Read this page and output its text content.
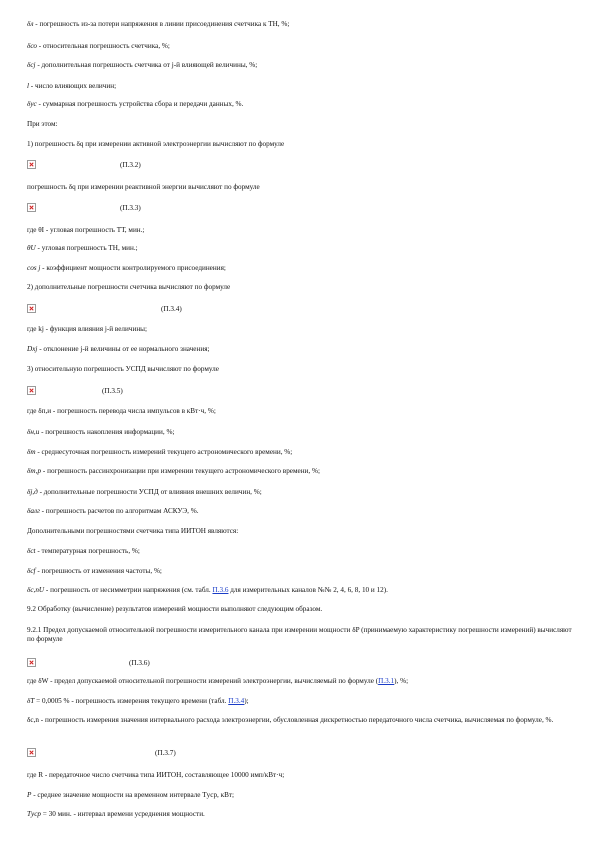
δл - погрешность из-за потери напряжения в линии присоединения счетчика к ТН, %;
δсо - относительная погрешность счетчика, %;
δсj - дополнительная погрешность счетчика от j-й влияющей величины, %;
l - число влияющих величин;
δус - суммарная погрешность устройства сбора и передачи данных, %.
При этом:
1) погрешность δq при измерении активной электроэнергии вычисляют по формуле
(П.3.2)
погрешность δq при измерении реактивной энергии вычисляют по формуле
(П.3.3)
где θI - угловая погрешность ТТ, мин.;
θU - угловая погрешность ТН, мин.;
cos j - коэффициент мощности контролируемого присоединения;
2) дополнительные погрешности счетчика вычисляют по формуле
(П.3.4)
где kj - функция влияния j-й величины;
Dxj - отклонение j-й величины от ее нормального значения;
3) относительную погрешность УСПД вычисляют по формуле
(П.3.5)
где δп,и - погрешность перевода числа импульсов в кВт·ч, %;
δн,и - погрешность накопления информации, %;
δт - среднесуточная погрешность измерений текущего астрономического времени, %;
δт,р - погрешность рассинхронизации при измерении текущего астрономического времени, %;
δj,д - дополнительные погрешности УСПД от влияния внешних величин, %;
δалг - погрешность расчетов по алгоритмам АСКУЭ, %.
Дополнительными погрешностями счетчика типа ИИТОН являются:
δct - температурная погрешность, %;
δcf - погрешность от изменения частоты, %;
δc,nU - погрешность от несимметрии напряжения (см. табл. П.3.6 для измерительных каналов №№ 2, 4, 6, 8, 10 и 12).
9.2 Обработку (вычисление) результатов измерений мощности выполняют следующим образом.
9.2.1 Предел допускаемой относительной погрешности измерительного канала при измерении мощности δP (принимаемую характеристику погрешности измерений) вычисляют по формуле
(П.3.6)
где δW - предел допускаемой относительной погрешности измерений электроэнергии, вычисляемый по формуле (П.3.1), %;
δT = 0,0005 % - погрешность измерения текущего времени (табл. П.3.4);
δc,n - погрешность измерения значения интервального расхода электроэнергии, обусловленная дискретностью передаточного числа счетчика, вычисляемая по формуле, %.
(П.3.7)
где R - передаточное число счетчика типа ИИТОН, составляющее 10000 имп/кВт·ч;
P - среднее значение мощности на временном интервале Tуср, кВт;
Tуср = 30 мин. - интервал времени усреднения мощности.
